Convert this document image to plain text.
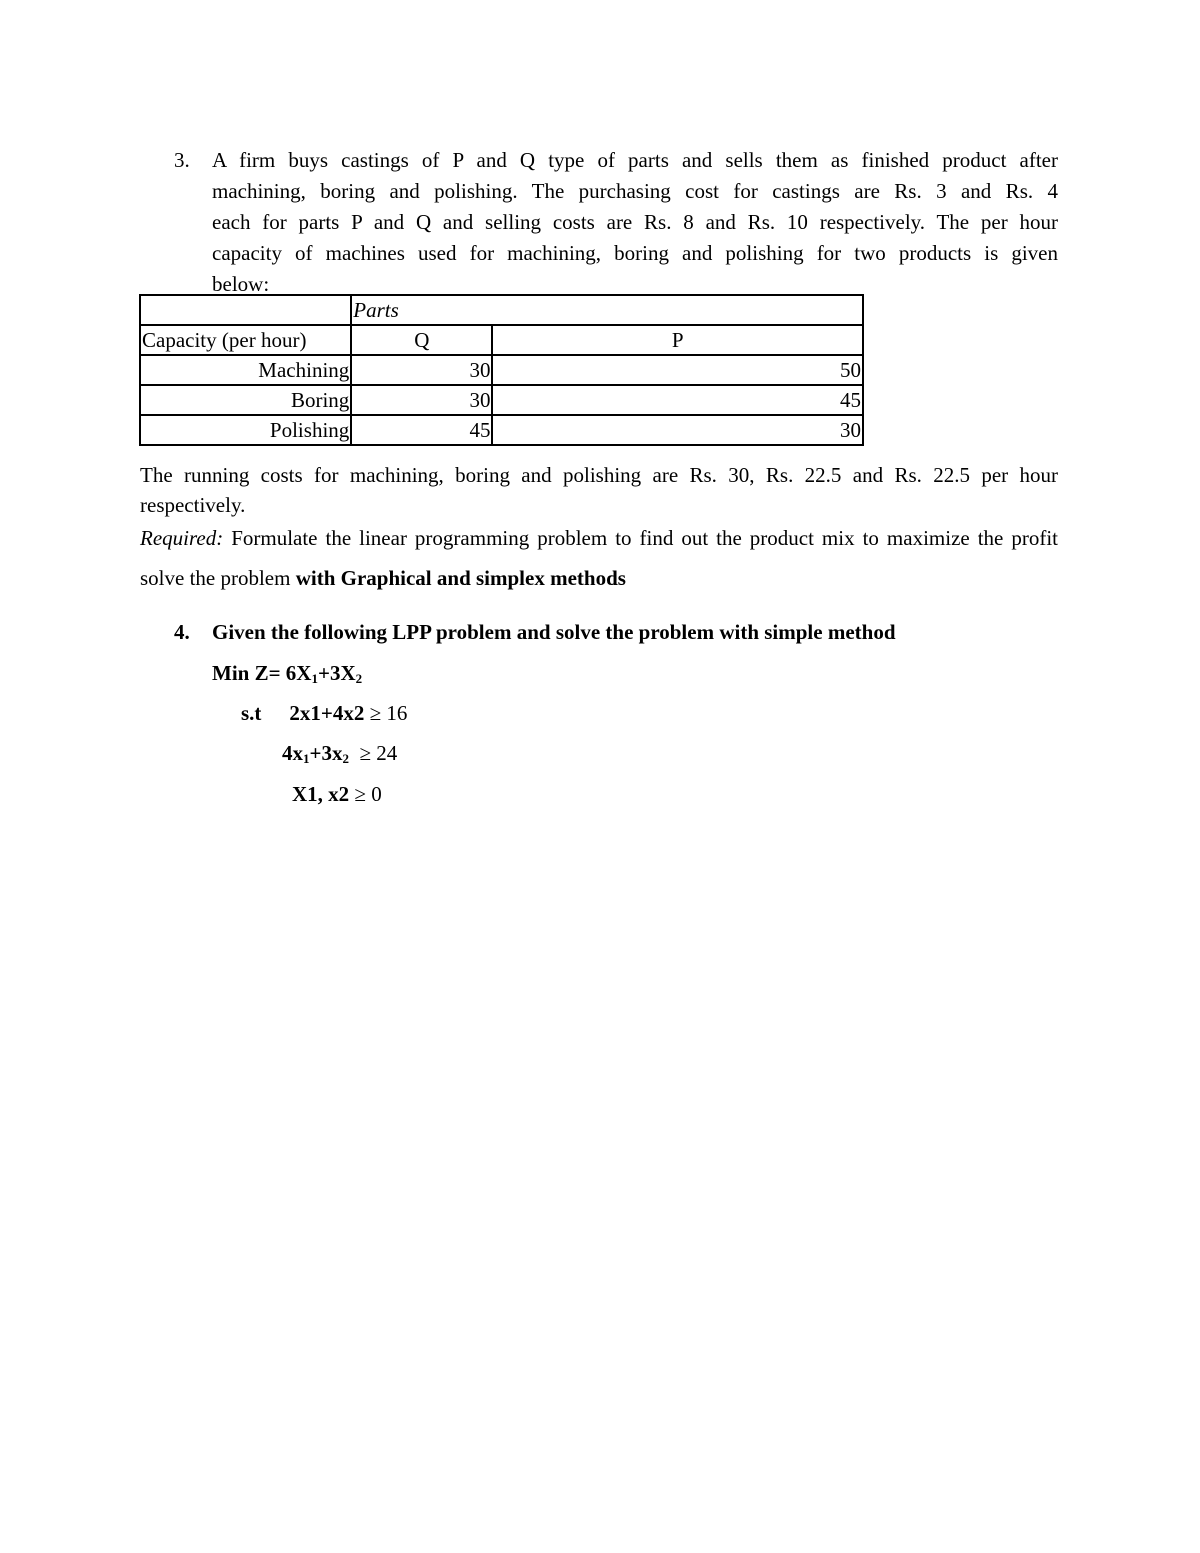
3. A firm buys castings of P and Q type of parts and sells them as finished product after
machining, boring and polishing. The purchasing cost for castings are Rs. 3 and Rs. 4
each for parts P and Q and selling costs are Rs. 8 and Rs. 10 respectively. The per hour
capacity of machines used for machining, boring and polishing for two products is given
below:
	Parts	
Capacity (per hour)	Q	P
Machining	30	50
Boring	30	45
Polishing	45	30
The running costs for machining, boring and polishing are Rs. 30, Rs. 22.5 and Rs. 22.5 per hour respectively.
Required: Formulate the linear programming problem to find out the product mix to maximize the profit solve the problem with Graphical and simplex methods
4. Given the following LPP problem and solve the problem with simple method
Min $Z= 6X_1+3X_2$
s.t 2x1+4x2 ≥ 16
$4x_1+3x_2 \ge 24$
X1, x2 ≥ 0
